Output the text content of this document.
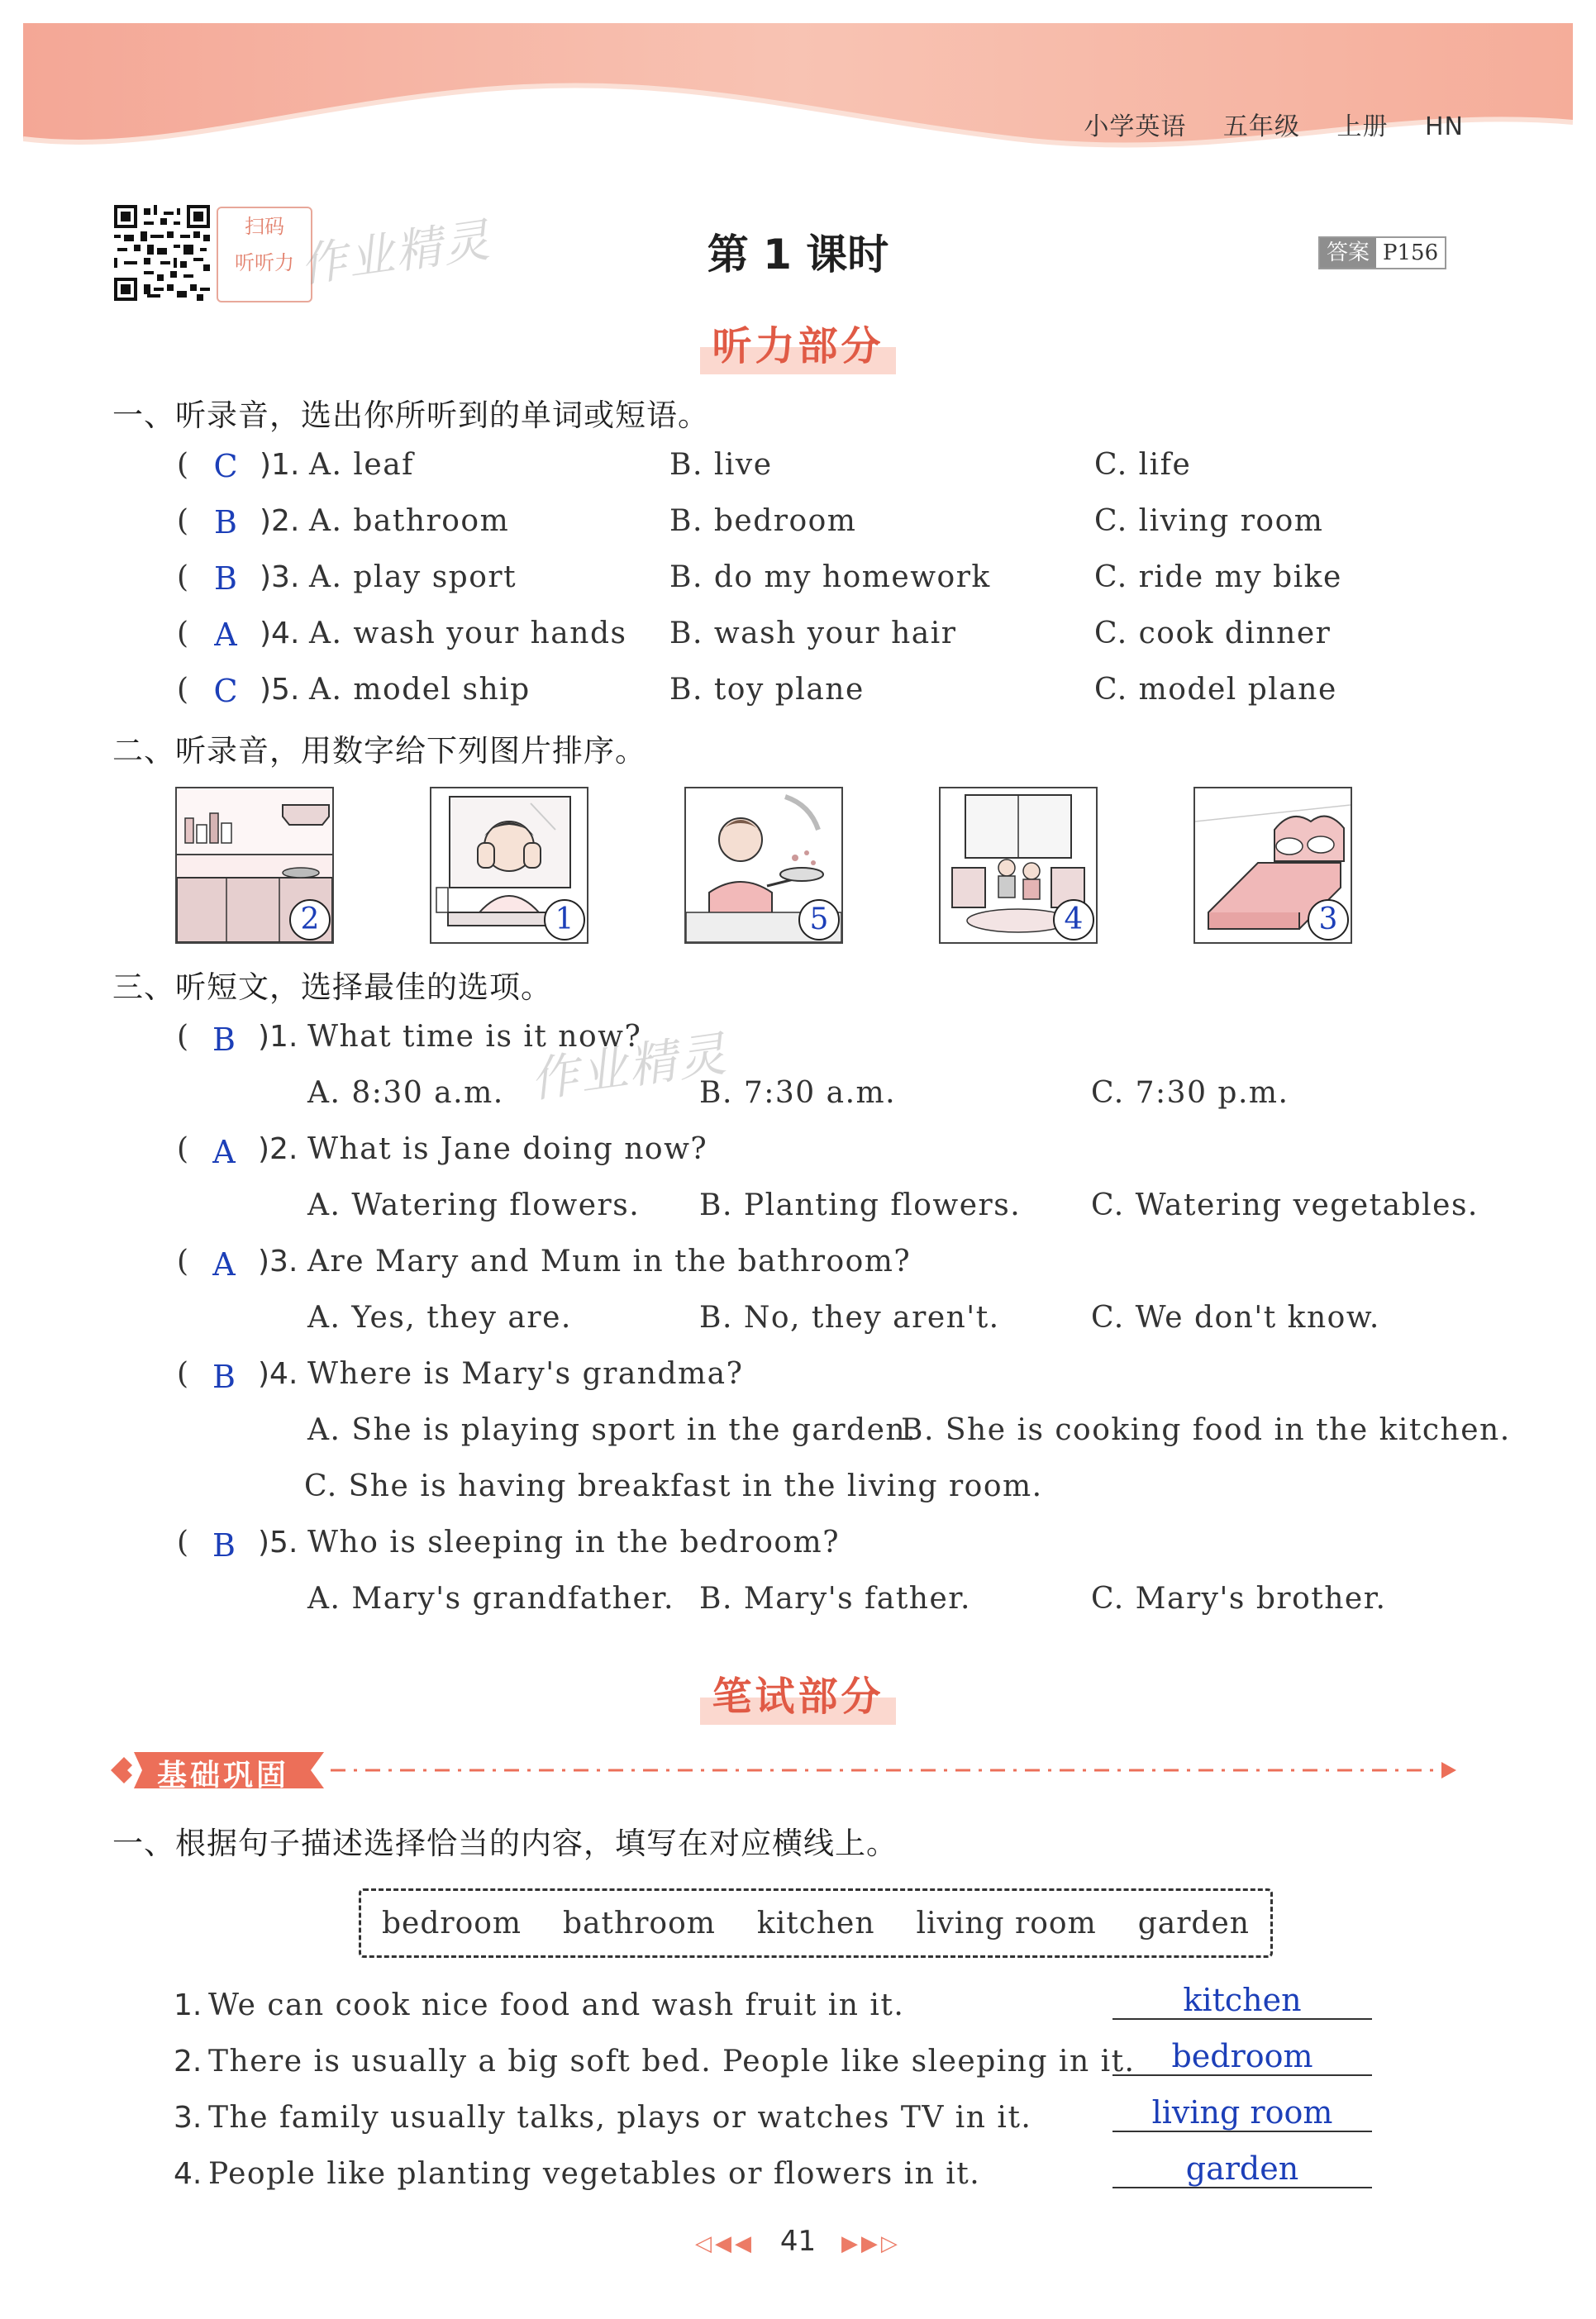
小学英语 五年级 上册 HN
扫码
听听力 作业精灵	第 1 课时	答案 P156
听力部分
一、听录音，选出你所听到的单词或短语。
( C )1. A. leaf	B. live	C. life
( B )2. A. bathroom	B. bedroom	C. living room
( B )3. A. play sport	B. do my homework	C. ride my bike
( A )4. A. wash your hands B. wash your hair	C. cook dinner
( C )5. A. model ship	B. toy plane	C. model plane
二、听录音，用数字给下列图片排序。
2	1	5	4	3
三、听短文，选择最佳的选项。
作业精灵
( B )1. What time is it now?
A. 8:30 a.m.	B. 7:30 a.m.	C. 7:30 p.m.
( A )2. What is Jane doing now?
A. Watering flowers. B. Planting flowers. C. Watering vegetables.
( A )3. Are Mary and Mum in the bathroom?
A. Yes, they are.	B. No, they aren't.	C. We don't know.
( B )4. Where is Mary's grandma?
A. She is playing sport in the garden.
B. She is cooking food in the kitchen.
C. She is having breakfast in the living room.
( B )5. Who is sleeping in the bedroom?
A. Mary's grandfather. B. Mary's father.	C. Mary's brother.
笔试部分
基础巩固
一、根据句子描述选择恰当的内容，填写在对应横线上。
bedroom bathroom kitchen living room garden
1. We can cook nice food and wash fruit in it.	kitchen
2. There is usually a big soft bed. People like sleeping in it.	bedroom
3. The family usually talks, plays or watches TV in it.	living room
4. People like planting vegetables or flowers in it.	garden
◁◀◀ 41 ▶▶▷
